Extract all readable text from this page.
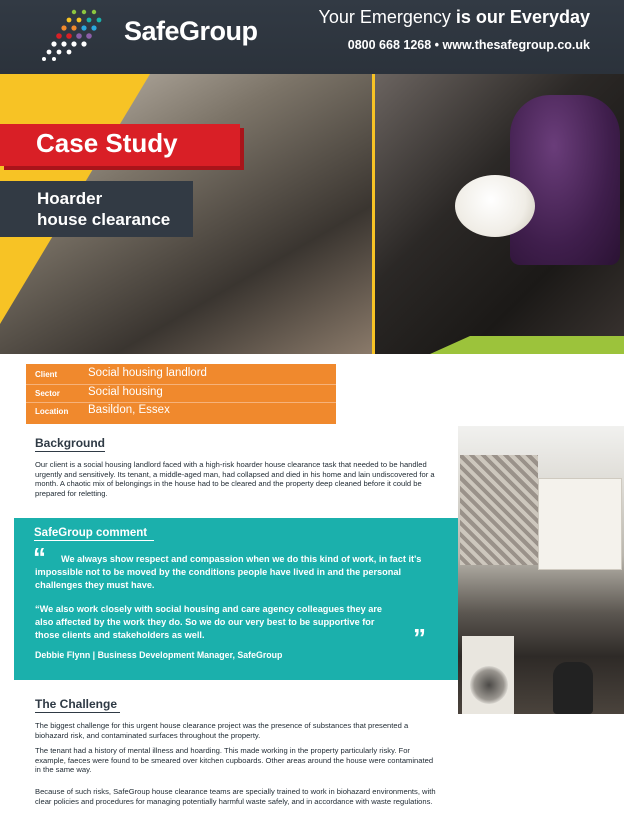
SafeGroup	Your Emergency is our Everyday
0800 668 1268 • www.thesafegroup.co.uk
Case Study
Hoarder
house clearance
Client	Social housing landlord
Sector Social housing
Location Basildon, Essex
Background
Our client is a social housing landlord faced with a high-risk hoarder house clearance task that needed to be handled urgently and sensitively. Its tenant, a middle-aged man, had collapsed and died in his home and lain undiscovered for a month. A chaotic mix of belongings in the house had to be cleared and the property deep cleaned before it could be prepared for reletting.
SafeGroup comment
“	We always show respect and compassion when we do this kind of work, in fact it's impossible not to be moved by the conditions people have lived in and the personal challenges they must have.
“We also work closely with social housing and care agency colleagues they are also affected by the work they do. So we do our very best to be supportive for those clients and stakeholders as well.	”
Debbie Flynn | Business Development Manager, SafeGroup
The Challenge
The biggest challenge for this urgent house clearance project was the presence of substances that presented a biohazard risk, and contaminated surfaces throughout the property.
The tenant had a history of mental illness and hoarding. This made working in the property particularly risky. For example, faeces were found to be smeared over kitchen cupboards. Other areas around the house were contaminated in the same way.
Because of such risks, SafeGroup house clearance teams are specially trained to work in biohazard environments, with clear policies and procedures for managing potentially harmful waste safely, and in accordance with waste regulations.
